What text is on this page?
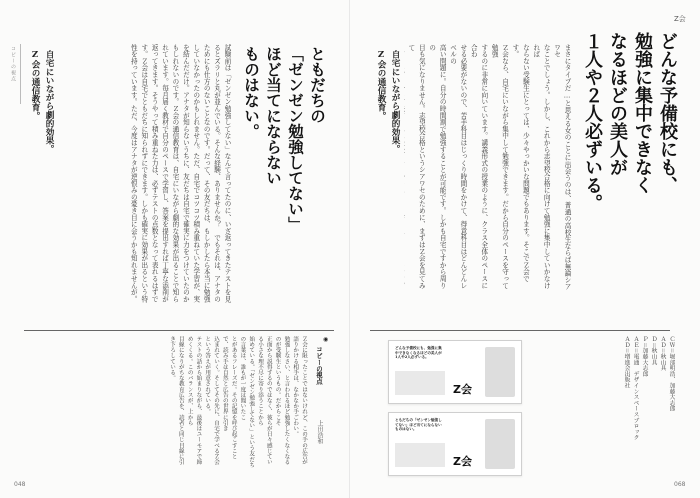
コピーの視点	ともだちの
「ゼンゼン勉強してない」
ほど当てにならない
ものはない。
試験前は「ゼンゼン勉強してない」なんて言ってたのに、いざ返ってきたテストを見
るとズラリと丸が並んでいる。そんな経験、ありませんか？　でもそれは、アナタの
ためにも仕方のないことなのです。だって、その友だちは、もしかしたら本当に勉強
していなかったのかもしれません。ただ、自宅でコツコツ積み重ねていた学習が、実
を結んだだけ。アナタが知らないうちに、友だちは自宅で確実に力をつけていたのか
もしれないのです。Ｚ会の通信教育は、自宅にいながら劇的な効果が出ることで知ら
れています。毎月届く教材で自分のペースで学習し、答案を提出すれば丁寧な添削が
返ってきます。そうやって積み重ねた力は、必ずテストの点数となって表れるはずで
す。Ｚ会は自宅でともだちに知られずにできます。しかも確実に効果が出るという特
性を持っています。ただ、今度はアナタが逆恨みの憂き目に会うかも知れませんが。
自宅にいながら劇的効果。
Z会の通信教育。
◉
コピーの視点
上田浩和
Ｚ会に限ったことではないけれど、この手の広告が語りかける相手は、なかなか手ごわい。
勉強しなさい、と言われるほど勉強したくなくなるのが受験生というもの。だからこそ
正面から説得するのではなく、彼らが日々感じている小さな理不尽に寄り添うことから
始めている。「ゼンゼン勉強してない」という友だちの言葉は、誰もが一度は聞いたこ
とがあるフレーズだ。その記憶を呼び起こすことで、読み手は自然と広告の世界に引き
込まれていく。そしてその先に、自宅で学べるＺ会という答えが用意されている。
テストの話から始まりながら、最後はユーモアで締めくくる。このバランスが、上から
目線になりがちな教育広告を、読者と同じ目線に引き下ろしている。
048
Z会
どんな予備校にも、
勉強に集中できなく
なるほどの美人が
１人や２人必ずいる。
まさにタイプだ…と思える女のことに出会うのは、普通の高校生ならば無論シアワセ
なことでしょう。しかし、これから志望校合格に向けて勉強に集中していかなければ
ならない受験生にとっては、少々やっかいな問題でもあります。そこでＺ会です。
Ｚ会なら、自宅にいながら集中して勉強できます。だから自分のペースを守って勉強
するのに非常に向いています。講義形式の授業のように、クラス全体のペースに合わ
せる必要がないので、苦手科目はじっくり時間をかけて、得意科目はどんどんレベルの
高い問題に。自分の時間割で勉強することが可能です。しかも自宅ですから周りの
目も気になりません。志望校合格というシアワセのために、まずはＺ会を見てみて

自宅にいながら劇的効果。
Z会の通信教育。
ＣＷ＝堀部明浩、加藤大志郎
ＡＤ＝秋山具
Ｄ＝秋山具
Ｐ＝加藤大志郎
ＡＥ＝電通　デザインスペースブロック
ＡＤ＝増進会出版社
どんな予備校にも、勉強に集中できなくなるほどの美人が1人や2人必ずいる。
Z会
ともだちの「ゼンゼン勉強してない」ほど当てにならないものはない。
Z会
068
